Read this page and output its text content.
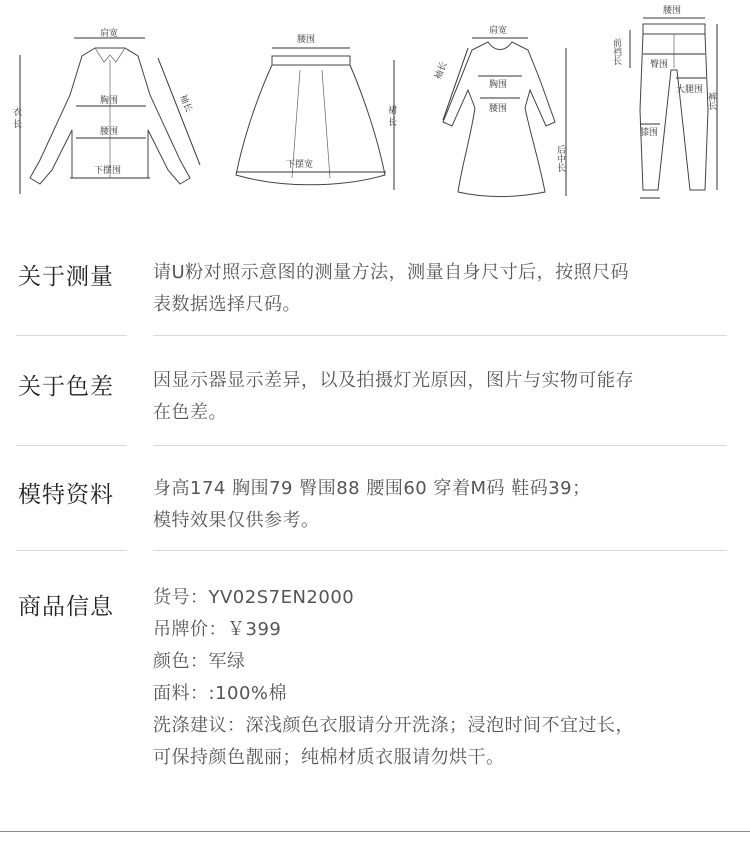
肩宽
胸围
腰围
下摆围
衣
长
袖长
腰围
下摆宽
裙
长
肩宽
袖长
胸围
腰围
后中长
腰围
臀围
前裆长
大腿围
膝围
裤长
关于测量 请U粉对照示意图的测量方法，测量自身尺寸后，按照尺码
表数据选择尺码。
关于色差 因显示器显示差异，以及拍摄灯光原因，图片与实物可能存
在色差。
模特资料 身高174 胸围79 臀围88 腰围60 穿着M码 鞋码39；
模特效果仅供参考。
商品信息 货号：YV02S7EN2000
吊牌价：￥399
颜色：军绿
面料：:100%棉
洗涤建议：深浅颜色衣服请分开洗涤；浸泡时间不宜过长，
可保持颜色靓丽；纯棉材质衣服请勿烘干。
